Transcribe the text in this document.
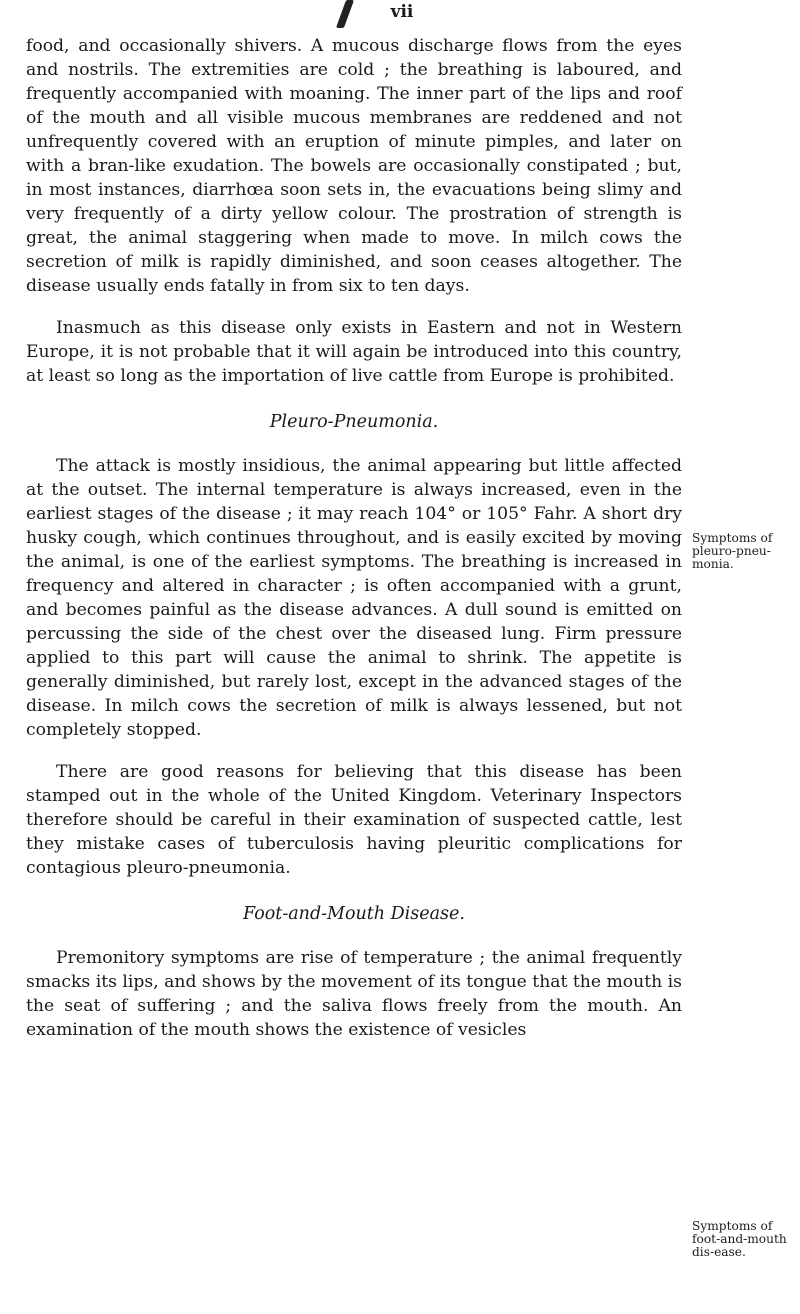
vii

food, and occasionally shivers. A mucous discharge flows from the eyes and nostrils. The extremities are cold ; the breathing is laboured, and frequently accompanied with moaning. The inner part of the lips and roof of the mouth and all visible mucous membranes are reddened and not unfrequently covered with an eruption of minute pimples, and later on with a bran-like exudation. The bowels are occasionally constipated ; but, in most instances, diarrhœa soon sets in, the evacuations being slimy and very frequently of a dirty yellow colour. The prostration of strength is great, the animal staggering when made to move. In milch cows the secretion of milk is rapidly diminished, and soon ceases altogether. The disease usually ends fatally in from six to ten days.

Inasmuch as this disease only exists in Eastern and not in Western Europe, it is not probable that it will again be introduced into this country, at least so long as the importation of live cattle from Europe is prohibited.

Pleuro-Pneumonia.

The attack is mostly insidious, the animal appearing but little affected at the outset. The internal temperature is always increased, even in the earliest stages of the disease ; it may reach 104° or 105° Fahr. A short dry husky cough, which continues throughout, and is easily excited by moving the animal, is one of the earliest symptoms. The breathing is increased in frequency and altered in character ; is often accompanied with a grunt, and becomes painful as the disease advances. A dull sound is emitted on percussing the side of the chest over the diseased lung. Firm pressure applied to this part will cause the animal to shrink. The appetite is generally diminished, but rarely lost, except in the advanced stages of the disease. In milch cows the secretion of milk is always lessened, but not completely stopped.

There are good reasons for believing that this disease has been stamped out in the whole of the United Kingdom. Veterinary Inspectors therefore should be careful in their examination of suspected cattle, lest they mistake cases of tuberculosis having pleuritic complications for contagious pleuro-pneumonia.

Foot-and-Mouth Disease.

Premonitory symptoms are rise of temperature ; the animal frequently smacks its lips, and shows by the movement of its tongue that the mouth is the seat of suffering ; and the saliva flows freely from the mouth. An examination of the mouth shows the existence of vesicles

Symptoms of pleuro-pneu-monia.
Symptoms of foot-and-mouth dis-ease.
